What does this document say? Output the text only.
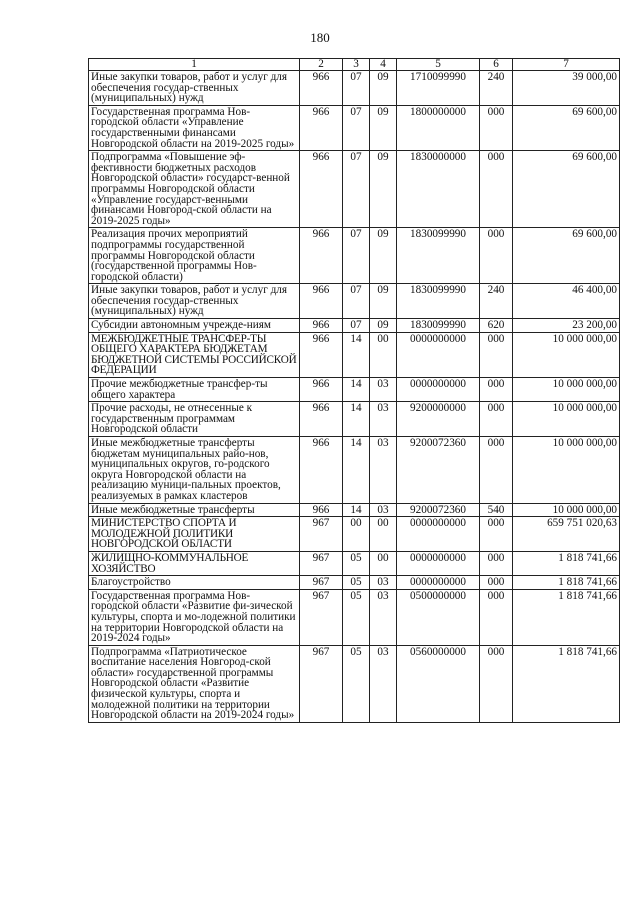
180
1	2	3	4	5	6	7
Иные закупки товаров, работ и услуг для обеспечения государ-ственных (муниципальных) нужд	966	07	09	1710099990	240	39 000,00
Государственная программа Нов-городской области «Управление государственными финансами Новгородской области на 2019-2025 годы»	966	07	09	1800000000	000	69 600,00
Подпрограмма «Повышение эф-фективности бюджетных расходов Новгородской области» государст-венной программы Новгородской области «Управление государст-венными финансами Новгород-ской области на 2019-2025 годы»	966	07	09	1830000000	000	69 600,00
Реализация прочих мероприятий подпрограммы государственной программы Новгородской области (государственной программы Нов-городской области)	966	07	09	1830099990	000	69 600,00
Иные закупки товаров, работ и услуг для обеспечения государ-ственных (муниципальных) нужд	966	07	09	1830099990	240	46 400,00
Субсидии автономным учрежде-ниям	966	07	09	1830099990	620	23 200,00
МЕЖБЮДЖЕТНЫЕ ТРАНСФЕР-ТЫ ОБЩЕГО ХАРАКТЕРА БЮДЖЕТАМ БЮДЖЕТНОЙ СИСТЕМЫ РОССИЙСКОЙ ФЕДЕРАЦИИ	966	14	00	0000000000	000	10 000 000,00
Прочие межбюджетные трансфер-ты общего характера	966	14	03	0000000000	000	10 000 000,00
Прочие расходы, не отнесенные к государственным программам Новгородской области	966	14	03	9200000000	000	10 000 000,00
Иные межбюджетные трансферты бюджетам муниципальных райо-нов, муниципальных округов, го-родского округа Новгородской области на реализацию муници-пальных проектов, реализуемых в рамках кластеров	966	14	03	9200072360	000	10 000 000,00
Иные межбюджетные трансферты	966	14	03	9200072360	540	10 000 000,00
МИНИСТЕРСТВО СПОРТА И МОЛОДЕЖНОЙ ПОЛИТИКИ НОВГОРОДСКОЙ ОБЛАСТИ	967	00	00	0000000000	000	659 751 020,63
ЖИЛИЩНО-КОММУНАЛЬНОЕ ХОЗЯЙСТВО	967	05	00	0000000000	000	1 818 741,66
Благоустройство	967	05	03	0000000000	000	1 818 741,66
Государственная программа Нов-городской области «Развитие фи-зической культуры, спорта и мо-лодежной политики на территории Новгородской области на 2019-2024 годы»	967	05	03	0500000000	000	1 818 741,66
Подпрограмма «Патриотическое воспитание населения Новгород-ской области» государственной программы Новгородской области «Развитие физической культуры, спорта и молодежной политики на территории Новгородской области на 2019-2024 годы»	967	05	03	0560000000	000	1 818 741,66
